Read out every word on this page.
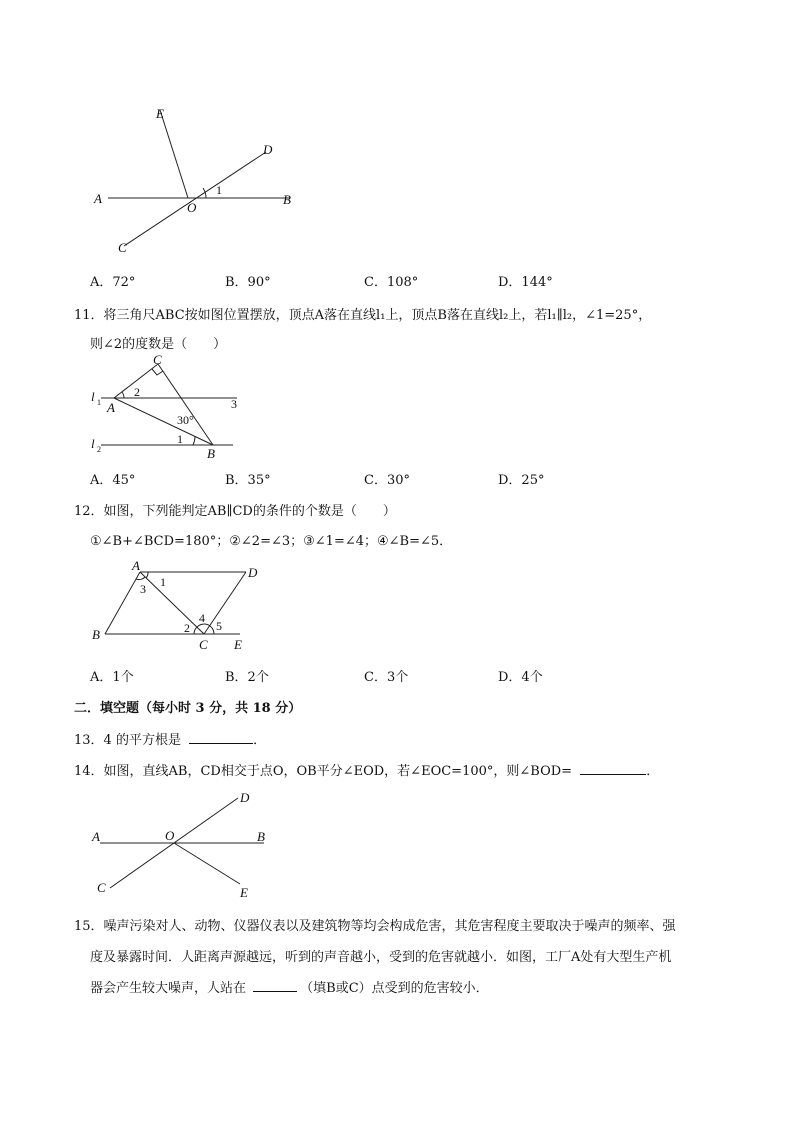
E
D
A
O
B
C
1
A．72°	B．90°	C．108°	D．144°
11．将三角尺ABC按如图位置摆放，顶点A落在直线l₁上，顶点B落在直线l₂上，若l₁∥l₂，∠1=25°，
则∠2的度数是（　　）
C
l 1 A
2
30°
3
l 2
1
B
A．45°	B．35°	C．30°	D．25°
12．如图，下列能判定AB∥CD的条件的个数是（　　）
①∠B+∠BCD=180°；②∠2=∠3；③∠1=∠4；④∠B=∠5．
A	D
1
3
4
2 5
B
C E
A．1个	B．2个	C．3个	D．4个
二．填空题（每小时 3 分，共 18 分）
13．4 的平方根是	．
14．如图，直线AB，CD相交于点O，OB平分∠EOD，若∠EOC=100°，则∠BOD=	．
D
A	O	B
C	E
15．噪声污染对人、动物、仪器仪表以及建筑物等均会构成危害，其危害程度主要取决于噪声的频率、强
度及暴露时间．人距离声源越远，听到的声音越小，受到的危害就越小．如图，工厂A处有大型生产机
器会产生较大噪声，人站在	（填B或C）点受到的危害较小．
